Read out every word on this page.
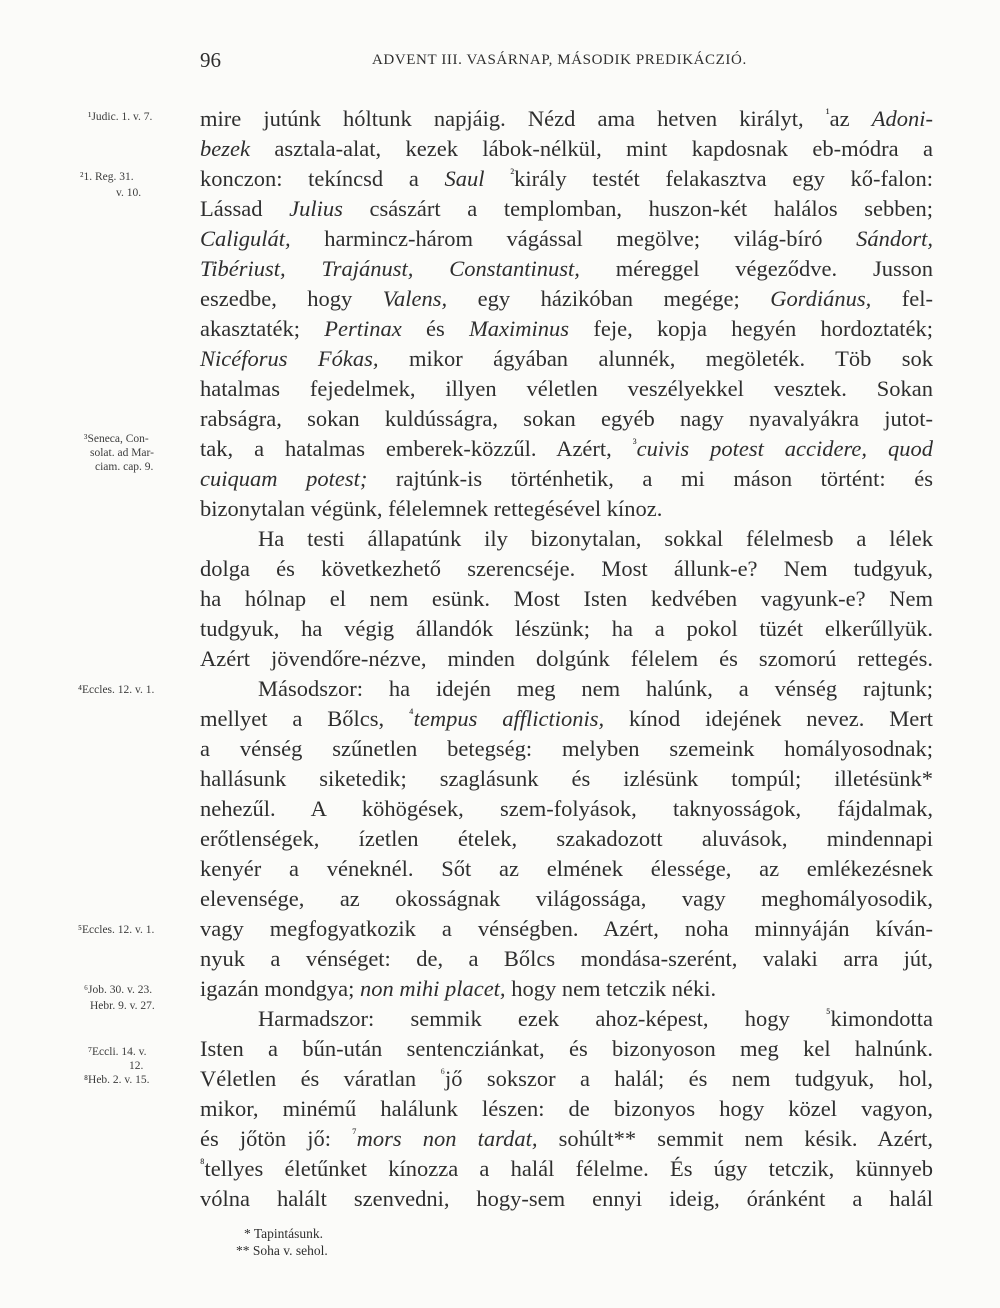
96	ADVENT III. VASÁRNAP, MÁSODIK PREDIKÁCZIÓ.
¹Judic. 1. v. 7.
²1. Reg. 31.
v. 10.
³Seneca, Con-
solat. ad Mar-
ciam. cap. 9.
⁴Eccles. 12. v. 1.
⁵Eccles. 12. v. 1.
⁶Job. 30. v. 23.
Hebr. 9. v. 27.
⁷Eccli. 14. v.
12.
⁸Heb. 2. v. 15.
mire jutúnk hóltunk napjáig. Nézd ama hetven királyt, $^{^1}$az Adoni-
bezek asztala-alat, kezek lábok-nélkül, mint kapdosnak eb-módra a
konczon: tekíncsd a Saul $^{^2}$király testét felakasztva egy kő-falon:
Lássad Julius császárt a templomban, huszon-két halálos sebben;
Caligulát, harmincz-három vágással megölve; világ-bíró Sándort,
Tibériust, Trajánust, Constantinust, méreggel végeződve. Jusson
eszedbe, hogy Valens, egy házikóban megége; Gordiánus, fel-
akasztaték; Pertinax és Maximinus feje, kopja hegyén hordoztaték;
Nicéforus Fókas, mikor ágyában alunnék, megöleték. Töb sok
hatalmas fejedelmek, illyen véletlen veszélyekkel vesztek. Sokan
rabságra, sokan kuldússágra, sokan egyéb nagy nyavalyákra jutot-
tak, a hatalmas emberek-közzűl. Azért, $^{^3}$cuivis potest accidere, quod
cuiquam potest; rajtúnk-is történhetik, a mi máson történt: és
bizonytalan végünk, félelemnek rettegésével kínoz.
Ha testi állapatúnk ily bizonytalan, sokkal félelmesb a lélek
dolga és következhető szerencséje. Most állunk-e? Nem tudgyuk,
ha hólnap el nem esünk. Most Isten kedvében vagyunk-e? Nem
tudgyuk, ha végig állandók lészünk; ha a pokol tüzét elkerűllyük.
Azért jövendőre-nézve, minden dolgúnk félelem és szomorú rettegés.
Másodszor: ha idején meg nem halúnk, a vénség rajtunk;
mellyet a Bőlcs, $^{^4}$tempus afflictionis, kínod idejének nevez. Mert
a vénség szűnetlen betegség: melyben szemeink homályosodnak;
hallásunk siketedik; szaglásunk és izlésünk tompúl; illetésünk*
nehezűl. A köhögések, szem-folyások, taknyosságok, fájdalmak,
erőtlenségek, ízetlen ételek, szakadozott aluvások, mindennapi
kenyér a véneknél. Sőt az elmének élessége, az emlékezésnek
elevensége, az okosságnak világossága, vagy meghomályosodik,
vagy megfogyatkozik a vénségben. Azért, noha minnyáján kíván-
nyuk a vénséget: de, a Bőlcs mondása-szerént, valaki arra jút,
igazán mondgya; non mihi placet, hogy nem tetczik néki.
Harmadszor: semmik ezek ahoz-képest, hogy $^{^5}$kimondotta
Isten a bűn-után sentencziánkat, és bizonyoson meg kel halnúnk.
Véletlen és váratlan $^{^6}$jő sokszor a halál; és nem tudgyuk, hol,
mikor, minémű halálunk lészen: de bizonyos hogy közel vagyon,
és jőtön jő: $^{^7}$mors non tardat, sohúlt** semmit nem késik. Azért,
$^{^8}$tellyes életűnket kínozza a halál félelme. És úgy tetczik, künnyeb
vólna halált szenvedni, hogy-sem ennyi ideig, óránként a halál
* Tapintásunk.
** Soha v. sehol.
